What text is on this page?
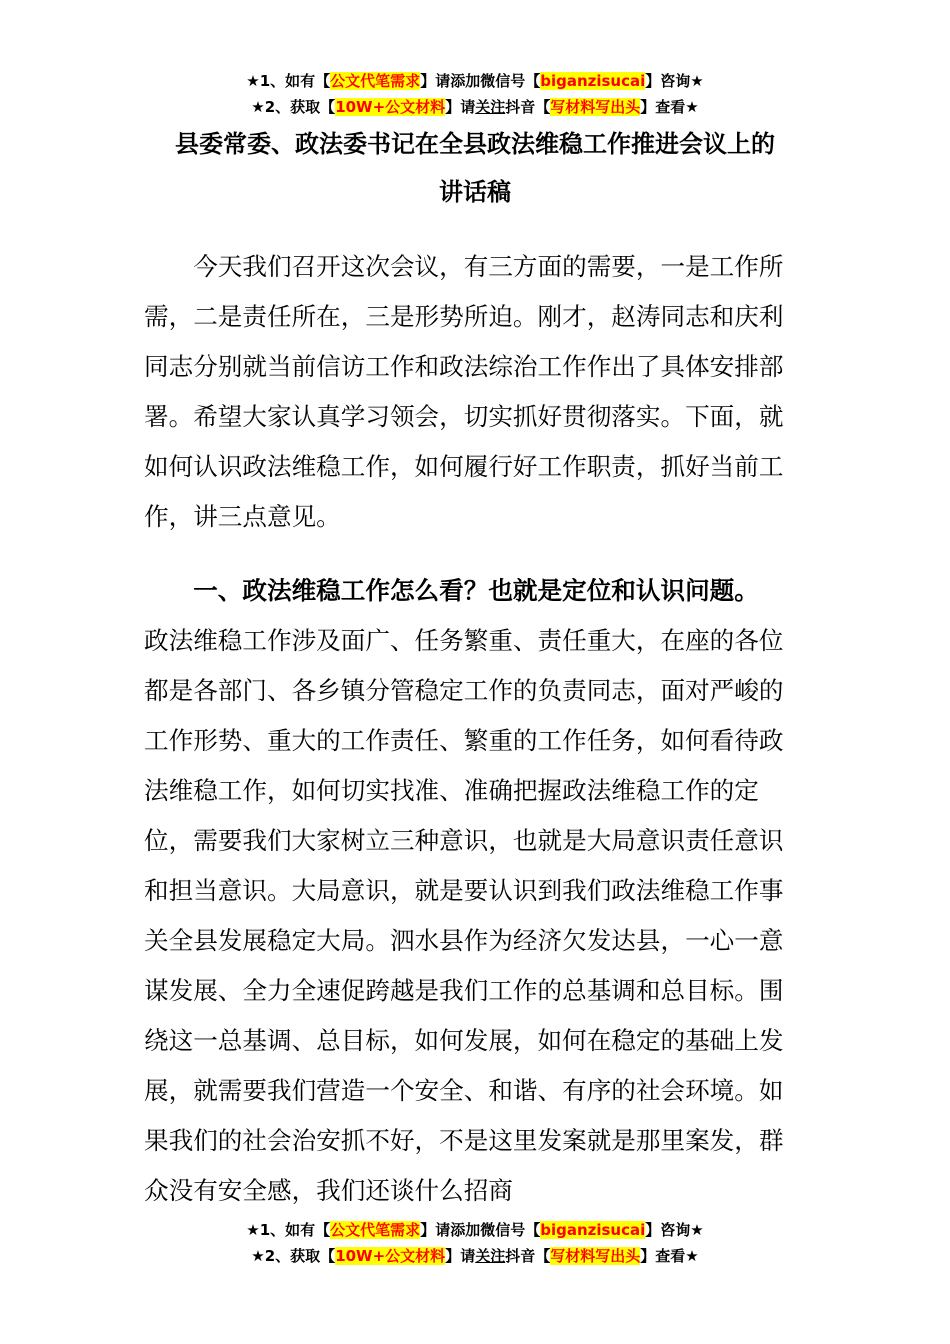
★1、如有【公文代笔需求】请添加微信号【biganzisucai】咨询★
★2、获取【10W+公文材料】请关注抖音【写材料写出头】查看★
县委常委、政法委书记在全县政法维稳工作推进会议上的
讲话稿

今天我们召开这次会议，有三方面的需要，一是工作所需，二是责任所在，三是形势所迫。刚才，赵涛同志和庆利同志分别就当前信访工作和政法综治工作作出了具体安排部署。希望大家认真学习领会，切实抓好贯彻落实。下面，就如何认识政法维稳工作，如何履行好工作职责，抓好当前工作，讲三点意见。

一、政法维稳工作怎么看？也就是定位和认识问题。

政法维稳工作涉及面广、任务繁重、责任重大，在座的各位都是各部门、各乡镇分管稳定工作的负责同志，面对严峻的工作形势、重大的工作责任、繁重的工作任务，如何看待政法维稳工作，如何切实找准、准确把握政法维稳工作的定位，需要我们大家树立三种意识，也就是大局意识责任意识和担当意识。大局意识，就是要认识到我们政法维稳工作事关全县发展稳定大局。泗水县作为经济欠发达县，一心一意谋发展、全力全速促跨越是我们工作的总基调和总目标。围绕这一总基调、总目标，如何发展，如何在稳定的基础上发展，就需要我们营造一个安全、和谐、有序的社会环境。如果我们的社会治安抓不好，不是这里发案就是那里案发，群众没有安全感，我们还谈什么招商

★1、如有【公文代笔需求】请添加微信号【biganzisucai】咨询★
★2、获取【10W+公文材料】请关注抖音【写材料写出头】查看★
